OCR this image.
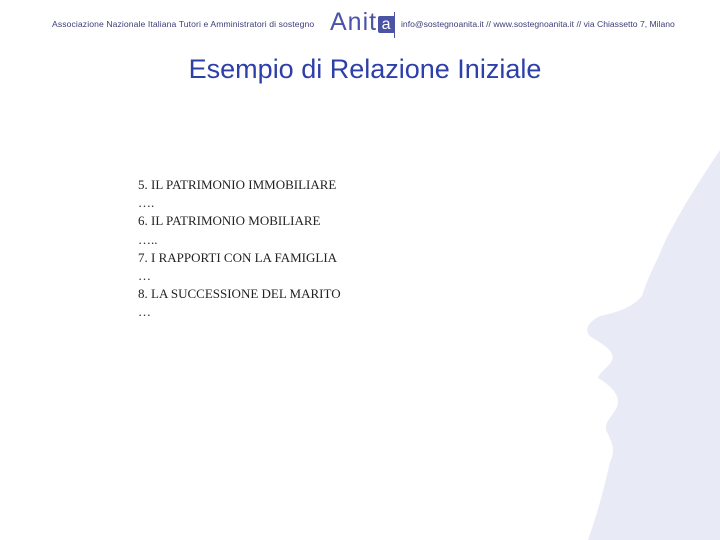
Associazione Nazionale Italiana Tutori e Amministratori di sostegno Anit a	info@sostegnoanita.it // www.sostegnoanita.it // via Chiassetto 7, Milano
Esempio di Relazione Iniziale
5. IL PATRIMONIO IMMOBILIARE
….
6. IL PATRIMONIO MOBILIARE
…..
7. I RAPPORTI CON LA FAMIGLIA
…
8. LA SUCCESSIONE DEL MARITO
…
